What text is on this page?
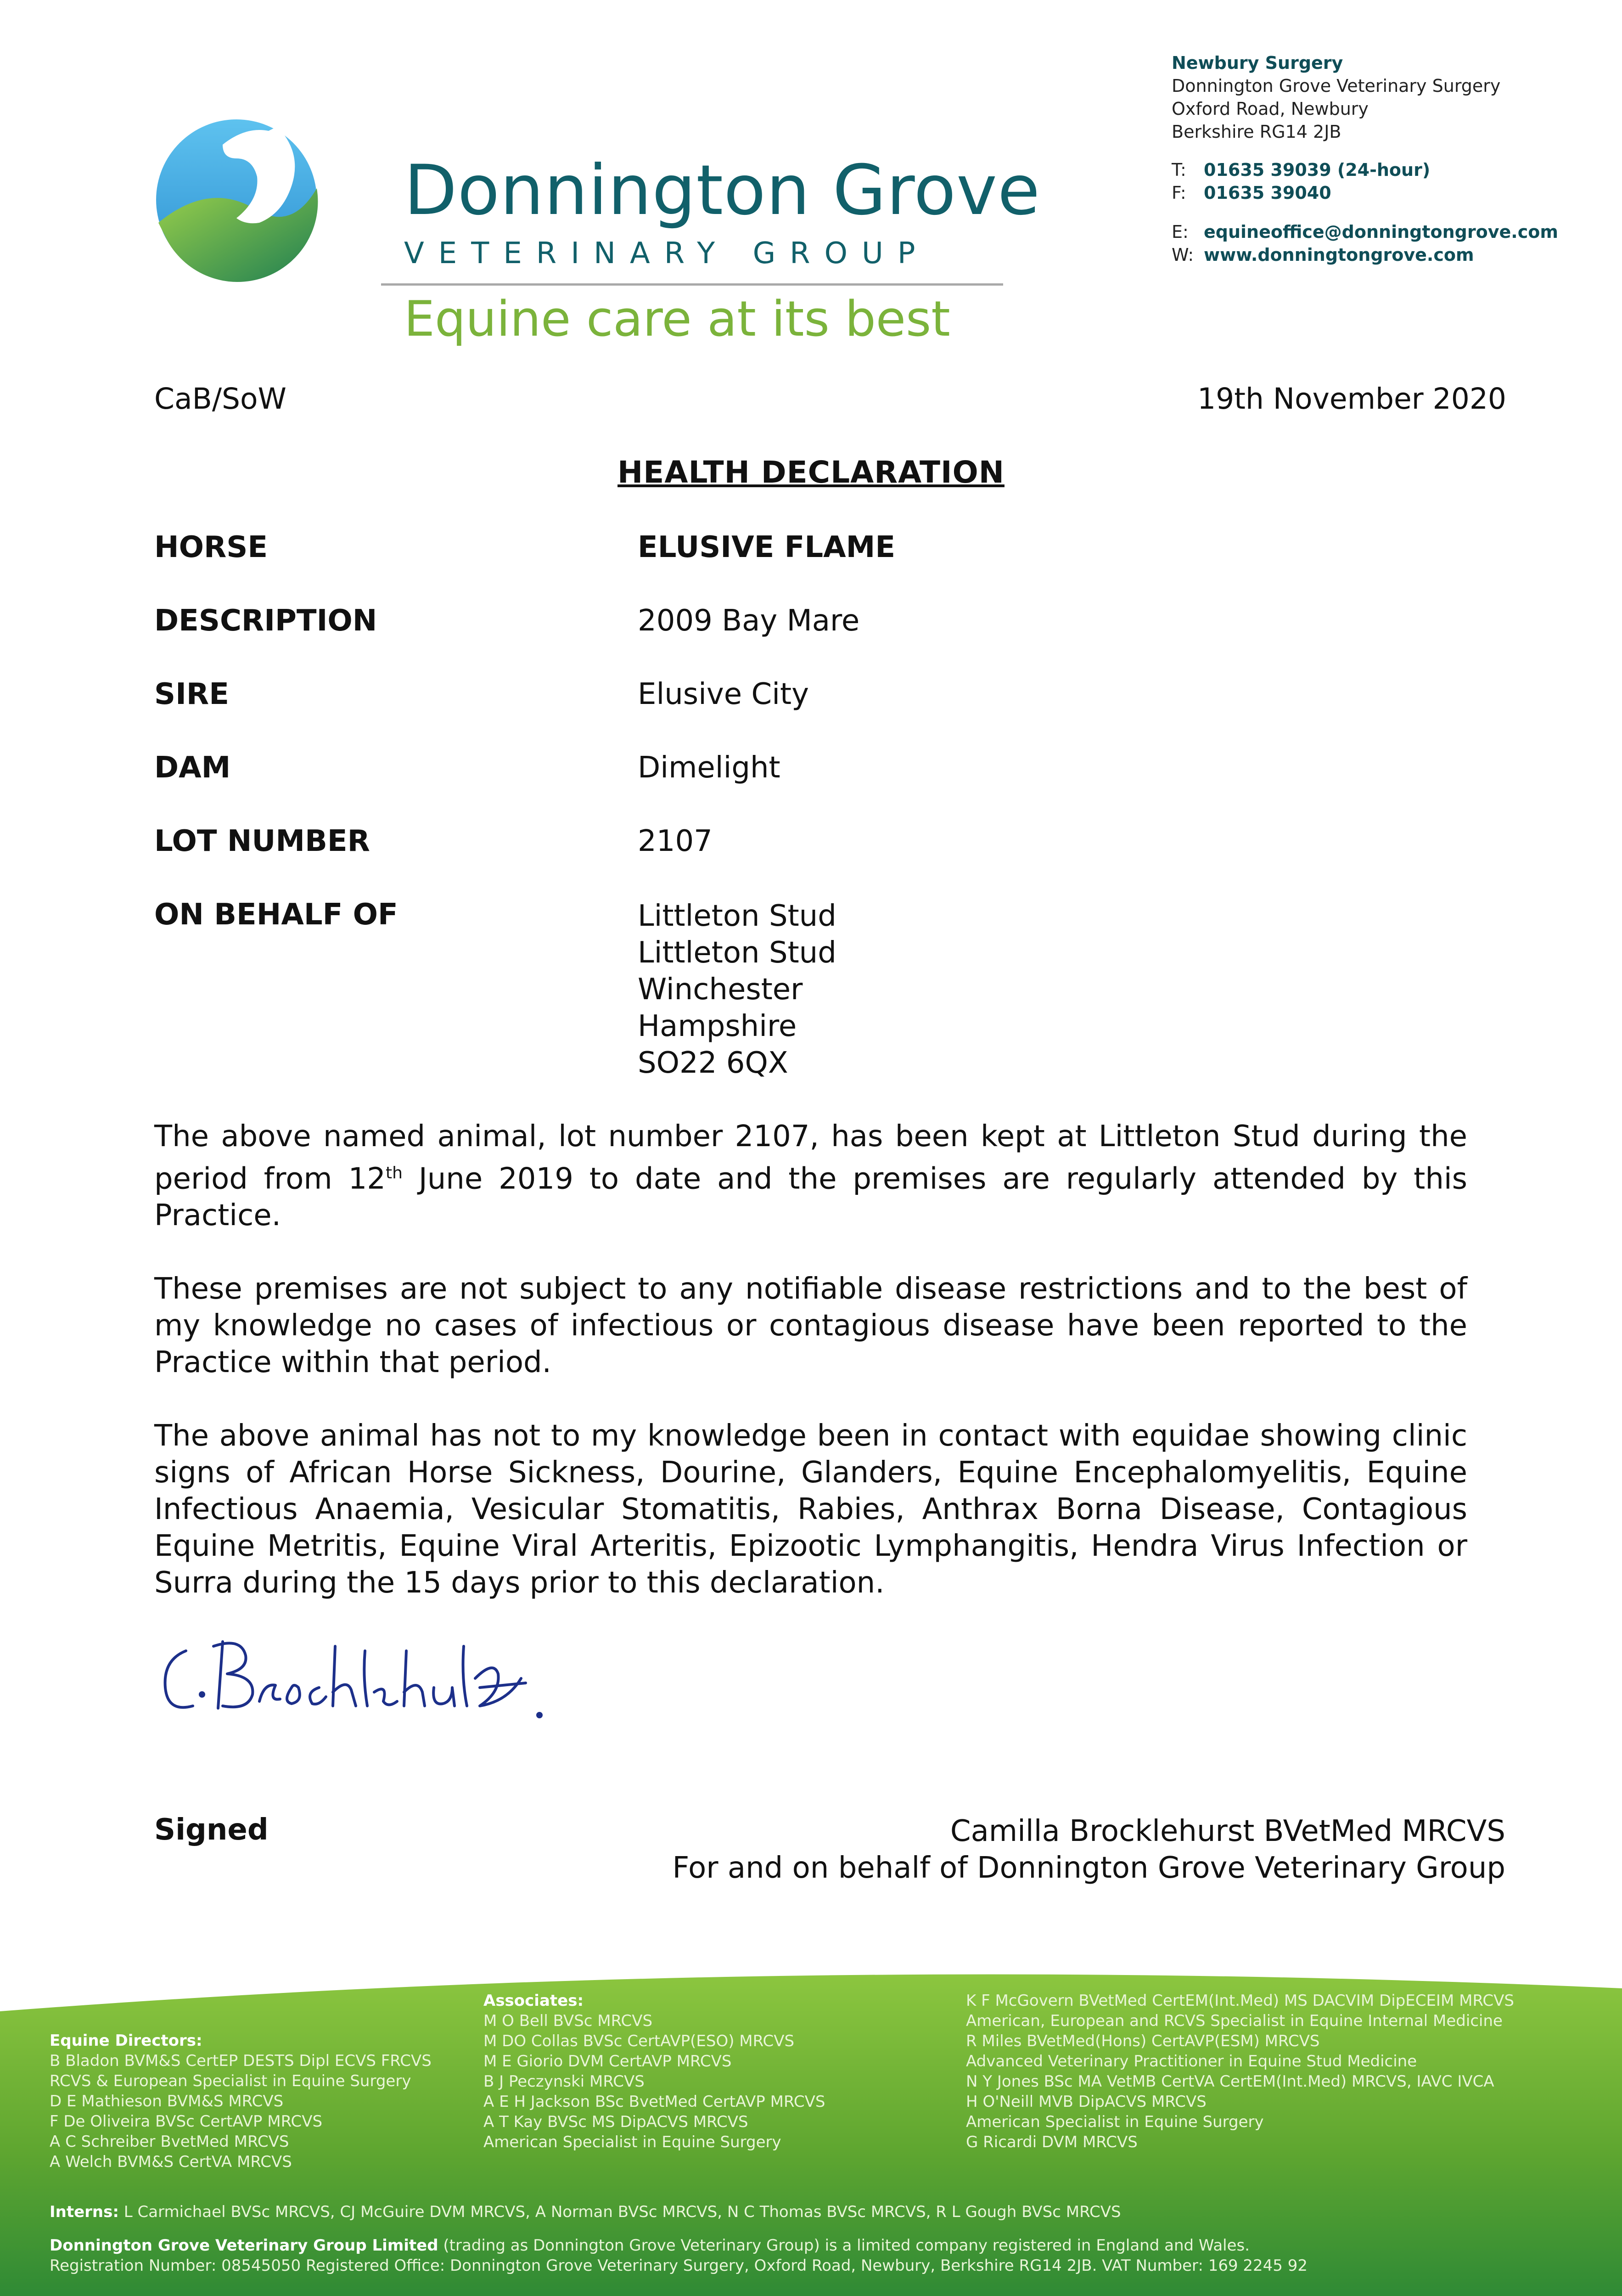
Donnington Grove
VETERINARY GROUP
Equine care at its best
Newbury Surgery
Donnington Grove Veterinary Surgery
Oxford Road, Newbury
Berkshire RG14 2JB
T: 01635 39039 (24-hour)
F: 01635 39040
E: equineoffice@donningtongrove.com
W: www.donningtongrove.com
CaB/SoW	19th November 2020
HEALTH DECLARATION
HORSE	ELUSIVE FLAME
DESCRIPTION	2009 Bay Mare
SIRE	Elusive City
DAM	Dimelight
LOT NUMBER	2107
ON BEHALF OF	Littleton Stud
Littleton Stud
Winchester
Hampshire
SO22 6QX

The above named animal, lot number 2107, has been kept at Littleton Stud during the period from 12th June 2019 to date and the premises are regularly attended by this Practice.

These premises are not subject to any notifiable disease restrictions and to the best of my knowledge no cases of infectious or contagious disease have been reported to the Practice within that period.

The above animal has not to my knowledge been in contact with equidae showing clinic signs of African Horse Sickness, Dourine, Glanders, Equine Encephalomyelitis, Equine Infectious Anaemia, Vesicular Stomatitis, Rabies, Anthrax Borna Disease, Contagious Equine Metritis, Equine Viral Arteritis, Epizootic Lymphangitis, Hendra Virus Infection or Surra during the 15 days prior to this declaration.

Signed	Camilla Brocklehurst BVetMed MRCVS
For and on behalf of Donnington Grove Veterinary Group
Equine Directors:
B Bladon BVM&S CertEP DESTS Dipl ECVS FRCVS
RCVS & European Specialist in Equine Surgery
D E Mathieson BVM&S MRCVS
F De Oliveira BVSc CertAVP MRCVS
A C Schreiber BvetMed MRCVS
A Welch BVM&S CertVA MRCVS
Associates:
M O Bell BVSc MRCVS
M DO Collas BVSc CertAVP(ESO) MRCVS
M E Giorio DVM CertAVP MRCVS
B J Peczynski MRCVS
A E H Jackson BSc BvetMed CertAVP MRCVS
A T Kay BVSc MS DipACVS MRCVS
American Specialist in Equine Surgery
K F McGovern BVetMed CertEM(Int.Med) MS DACVIM DipECEIM MRCVS
American, European and RCVS Specialist in Equine Internal Medicine
R Miles BVetMed(Hons) CertAVP(ESM) MRCVS
Advanced Veterinary Practitioner in Equine Stud Medicine
N Y Jones BSc MA VetMB CertVA CertEM(Int.Med) MRCVS, IAVC IVCA
H O'Neill MVB DipACVS MRCVS
American Specialist in Equine Surgery
G Ricardi DVM MRCVS
Interns: L Carmichael BVSc MRCVS, CJ McGuire DVM MRCVS, A Norman BVSc MRCVS, N C Thomas BVSc MRCVS, R L Gough BVSc MRCVS
Donnington Grove Veterinary Group Limited (trading as Donnington Grove Veterinary Group) is a limited company registered in England and Wales.
Registration Number: 08545050 Registered Office: Donnington Grove Veterinary Surgery, Oxford Road, Newbury, Berkshire RG14 2JB. VAT Number: 169 2245 92
